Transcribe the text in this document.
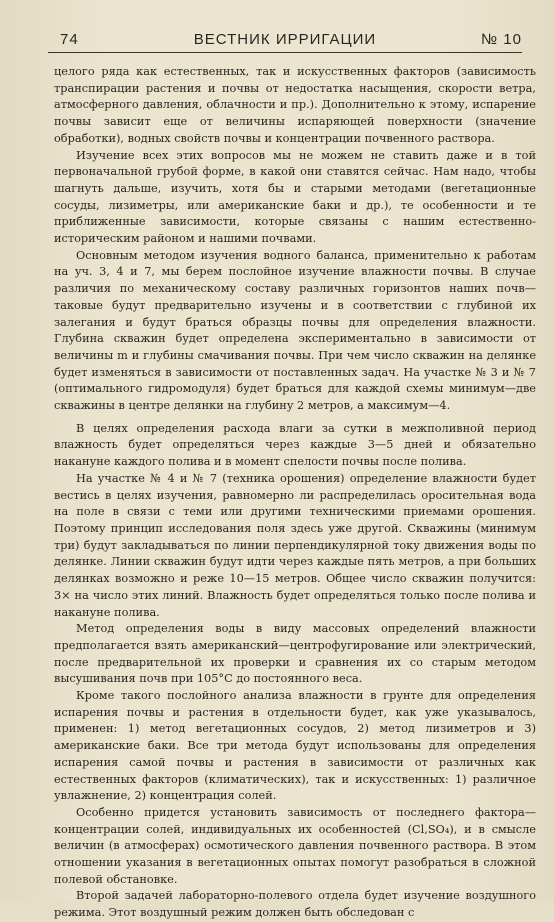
74	ВЕСТНИК ИРРИГАЦИИ	№ 10

целого ряда как естественных, так и искусственных факторов (зависимость транспирации растения и почвы от недостатка насыщения, скорости ветра, атмосферного давления, облачности и пр.). Дополнительно к этому, испарение почвы зависит еще от величины испаряющей поверхности (значение обработки), водных свойств почвы и концентрации почвенного раствора.

Изучение всех этих вопросов мы не можем не ставить даже и в той первоначальной грубой форме, в какой они ставятся сейчас. Нам надо, чтобы шагнуть дальше, изучить, хотя бы и старыми методами (вегетационные сосуды, лизиметры, или американские баки и др.), те особенности и те приближенные зависимости, которые связаны с нашим естественно-историческим районом и нашими почвами.

Основным методом изучения водного баланса, применительно к работам на уч. 3, 4 и 7, мы берем послойное изучение влажности почвы. В случае различия по механическому составу различных горизонтов наших почв—таковые будут предварительно изучены и в соответствии с глубиной их залегания и будут браться образцы почвы для определения влажности. Глубина скважин будет определена экспериментально в зависимости от величины m и глубины смачивания почвы. При чем число скважин на делянке будет изменяться в зависимости от поставленных задач. На участке № 3 и № 7 (оптимального гидромодуля) будет браться для каждой схемы минимум—две скважины в центре делянки на глубину 2 метров, а максимум—4.

В целях определения расхода влаги за сутки в межполивной период влажность будет определяться через каждые 3—5 дней и обязательно накануне каждого полива и в момент спелости почвы после полива.

На участке № 4 и № 7 (техника орошения) определение влажности будет вестись в целях изучения, равномерно ли распределилась оросительная вода на поле в связи с теми или другими техническими приемами орошения. Поэтому принцип исследования поля здесь уже другой. Скважины (минимум три) будут закладываться по линии перпендикулярной току движения воды по делянке. Линии скважин будут идти через каждые пять метров, а при больших делянках возможно и реже 10—15 метров. Общее число скважин получится: 3× на число этих линий. Влажность будет определяться только после полива и накануне полива.

Метод определения воды в виду массовых определений влажности предполагается взять американский—центрофугирование или электрический, после предварительной их проверки и сравнения их со старым методом высушивания почв при 105°С до постоянного веса.

Кроме такого послойного анализа влажности в грунте для определения испарения почвы и растения в отдельности будет, как уже указывалось, применен: 1) метод вегетационных сосудов, 2) метод лизиметров и 3) американские баки. Все три метода будут использованы для определения испарения самой почвы и растения в зависимости от различных как естественных факторов (климатических), так и искусственных: 1) различное увлажнение, 2) концентрация солей.

Особенно придется установить зависимость от последнего фактора—концентрации солей, индивидуальных их особенностей (Cl,SO₄), и в смысле величин (в атмосферах) осмотического давления почвенного раствора. В этом отношении указания в вегетационных опытах помогут разобраться в сложной полевой обстановке.

Второй задачей лабораторно-полевого отдела будет изучение воздушного режима. Этот воздушный режим должен быть обследован с
